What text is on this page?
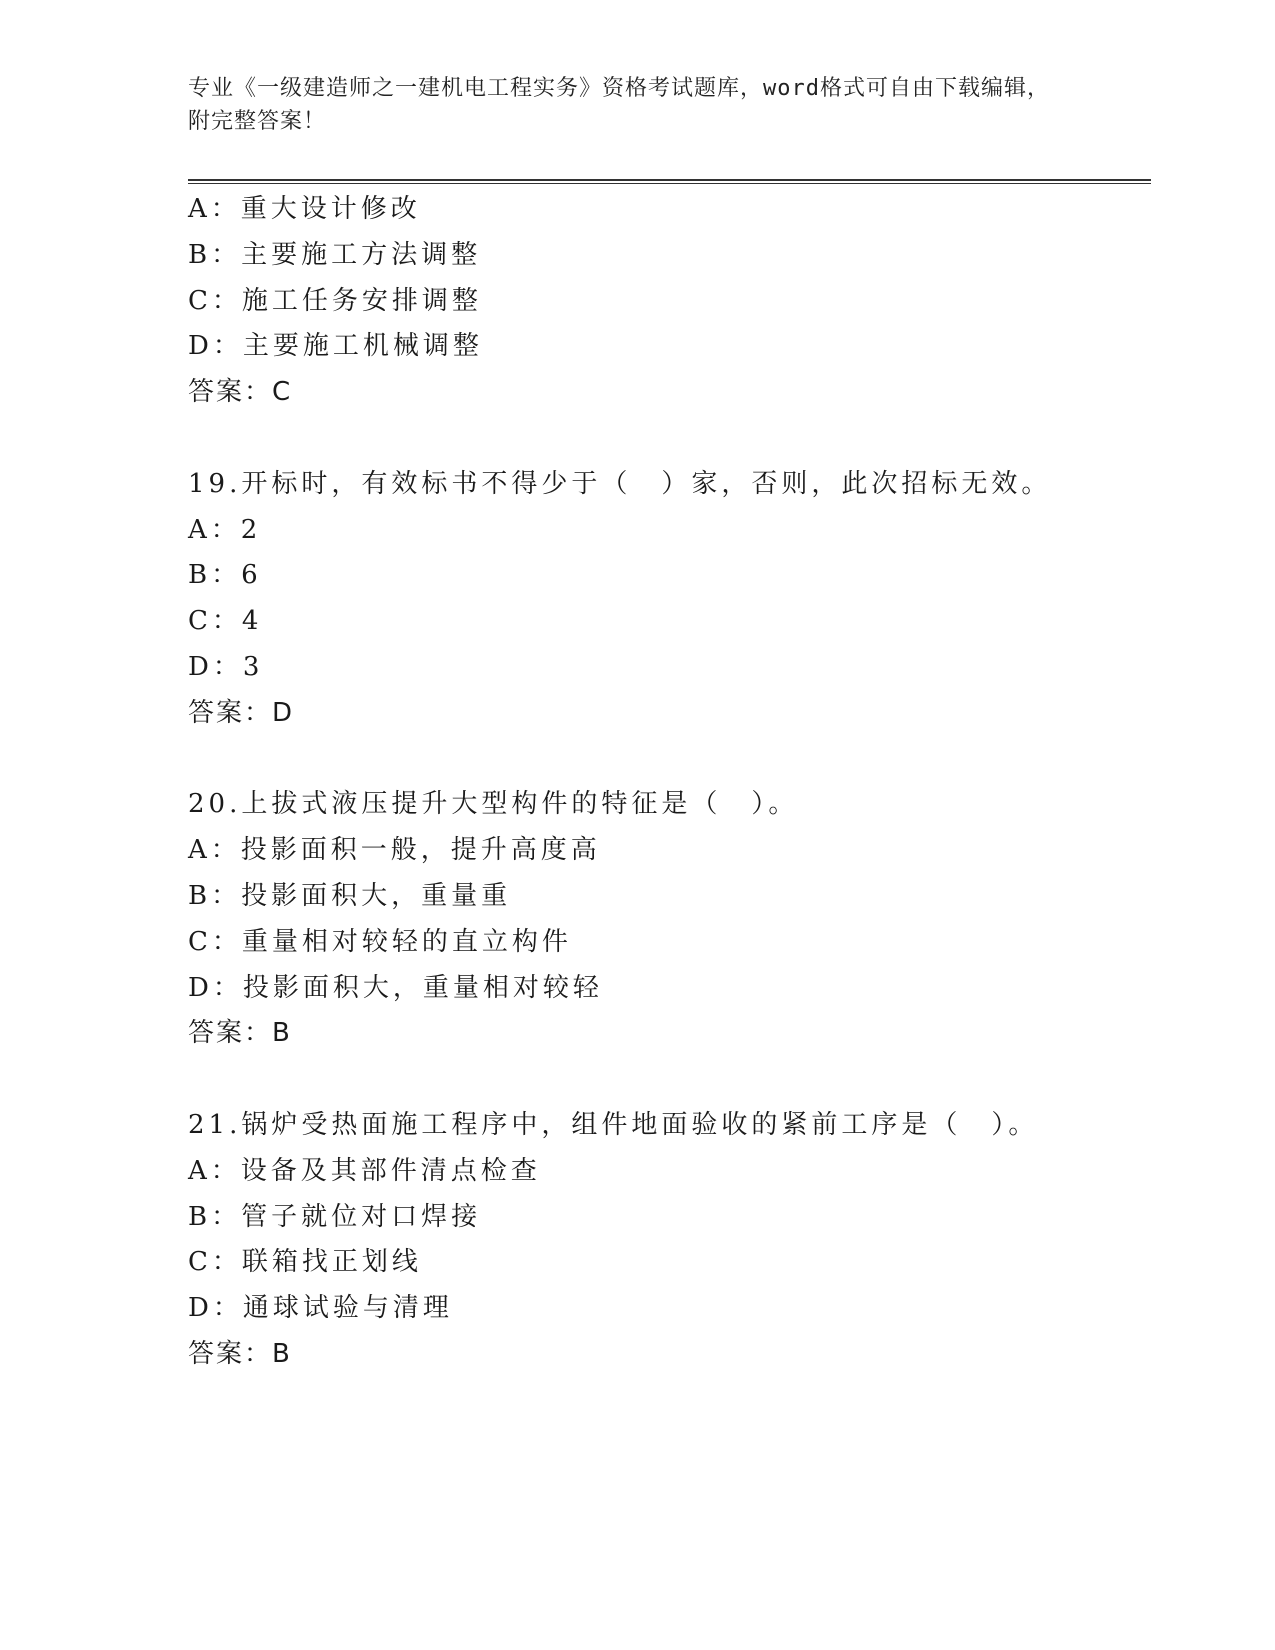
专业《一级建造师之一建机电工程实务》资格考试题库，word格式可自由下载编辑，附完整答案！
A：重大设计修改
B：主要施工方法调整
C：施工任务安排调整
D：主要施工机械调整
答案：C
19.开标时，有效标书不得少于（　）家，否则，此次招标无效。
A：2
B：6
C：4
D：3
答案：D
20.上拔式液压提升大型构件的特征是（　）。
A：投影面积一般，提升高度高
B：投影面积大，重量重
C：重量相对较轻的直立构件
D：投影面积大，重量相对较轻
答案：B
21.锅炉受热面施工程序中，组件地面验收的紧前工序是（　）。
A：设备及其部件清点检查
B：管子就位对口焊接
C：联箱找正划线
D：通球试验与清理
答案：B
